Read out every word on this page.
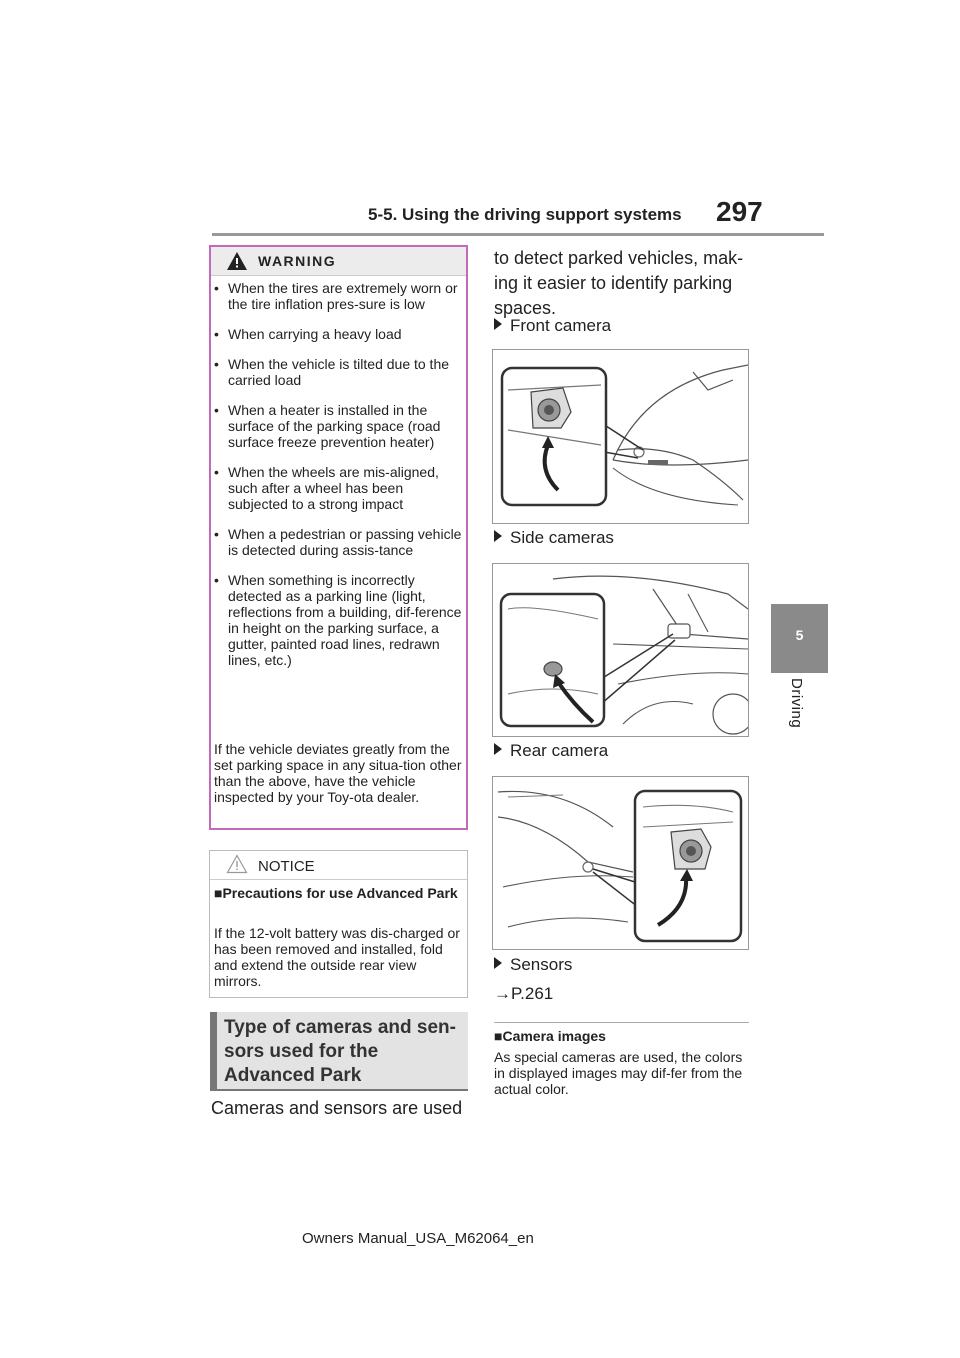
5-5. Using the driving support systems 297
5
Driving
WARNING
• When the tires are extremely worn or the tire inflation pres-sure is low
• When carrying a heavy load
• When the vehicle is tilted due to the carried load
• When a heater is installed in the surface of the parking space (road surface freeze prevention heater)
• When the wheels are mis-aligned, such after a wheel has been subjected to a strong impact
• When a pedestrian or passing vehicle is detected during assis-tance
• When something is incorrectly detected as a parking line (light, reflections from a building, dif-ference in height on the parking surface, a gutter, painted road lines, redrawn lines, etc.)
If the vehicle deviates greatly from the set parking space in any situa-tion other than the above, have the vehicle inspected by your Toy-ota dealer.
NOTICE
■Precautions for use Advanced Park
If the 12-volt battery was dis-charged or has been removed and installed, fold and extend the outside rear view mirrors.
Type of cameras and sen-sors used for the Advanced Park
Cameras and sensors are used
to detect parked vehicles, mak-ing it easier to identify parking spaces.
Front camera
Side cameras
Rear camera
Sensors
→P.261
■Camera images
As special cameras are used, the colors in displayed images may dif-fer from the actual color.
Owners Manual_USA_M62064_en
